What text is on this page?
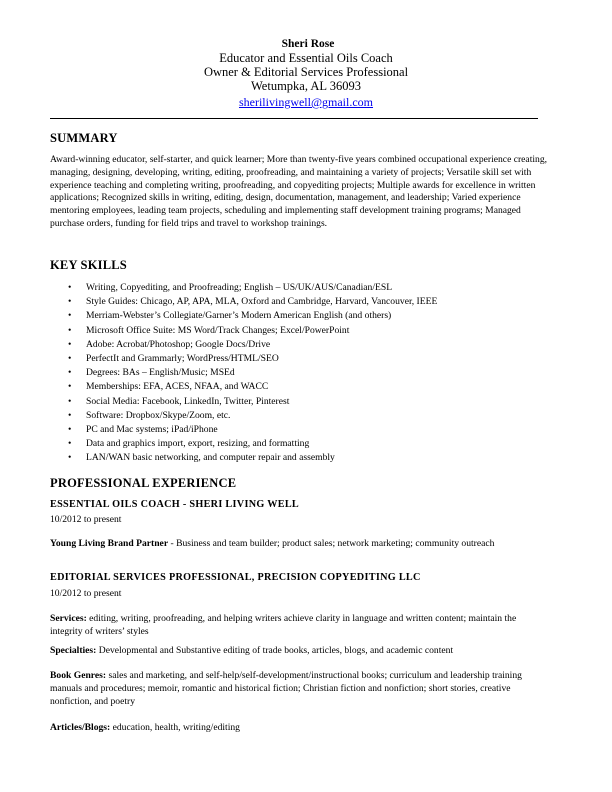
Sheri Rose
Educator and Essential Oils Coach
Owner & Editorial Services Professional
Wetumpka, AL 36093
sherilivingwell@gmail.com
SUMMARY
Award-winning educator, self-starter, and quick learner; More than twenty-five years combined occupational experience creating, managing, designing, developing, writing, editing, proofreading, and maintaining a variety of projects; Versatile skill set with experience teaching and completing writing, proofreading, and copyediting projects; Multiple awards for excellence in written applications; Recognized skills in writing, editing, design, documentation, management, and leadership; Varied experience mentoring employees, leading team projects, scheduling and implementing staff development training programs; Managed purchase orders, funding for field trips and travel to workshop trainings.
KEY SKILLS
• Writing, Copyediting, and Proofreading; English – US/UK/AUS/Canadian/ESL
• Style Guides: Chicago, AP, APA, MLA, Oxford and Cambridge, Harvard, Vancouver, IEEE
• Merriam-Webster’s Collegiate/Garner’s Modern American English (and others)
• Microsoft Office Suite: MS Word/Track Changes; Excel/PowerPoint
• Adobe: Acrobat/Photoshop; Google Docs/Drive
• PerfectIt and Grammarly; WordPress/HTML/SEO
• Degrees: BAs – English/Music; MSEd
• Memberships: EFA, ACES, NFAA, and WACC
• Social Media: Facebook, LinkedIn, Twitter, Pinterest
• Software: Dropbox/Skype/Zoom, etc.
• PC and Mac systems; iPad/iPhone
• Data and graphics import, export, resizing, and formatting
• LAN/WAN basic networking, and computer repair and assembly
PROFESSIONAL EXPERIENCE
ESSENTIAL OILS COACH - SHERI LIVING WELL
10/2012 to present
Young Living Brand Partner - Business and team builder; product sales; network marketing; community outreach
EDITORIAL SERVICES PROFESSIONAL, PRECISION COPYEDITING LLC
10/2012 to present
Services: editing, writing, proofreading, and helping writers achieve clarity in language and written content; maintain the integrity of writers’ styles
Specialties: Developmental and Substantive editing of trade books, articles, blogs, and academic content
Book Genres: sales and marketing, and self-help/self-development/instructional books; curriculum and leadership training manuals and procedures; memoir, romantic and historical fiction; Christian fiction and nonfiction; short stories, creative nonfiction, and poetry
Articles/Blogs: education, health, writing/editing
